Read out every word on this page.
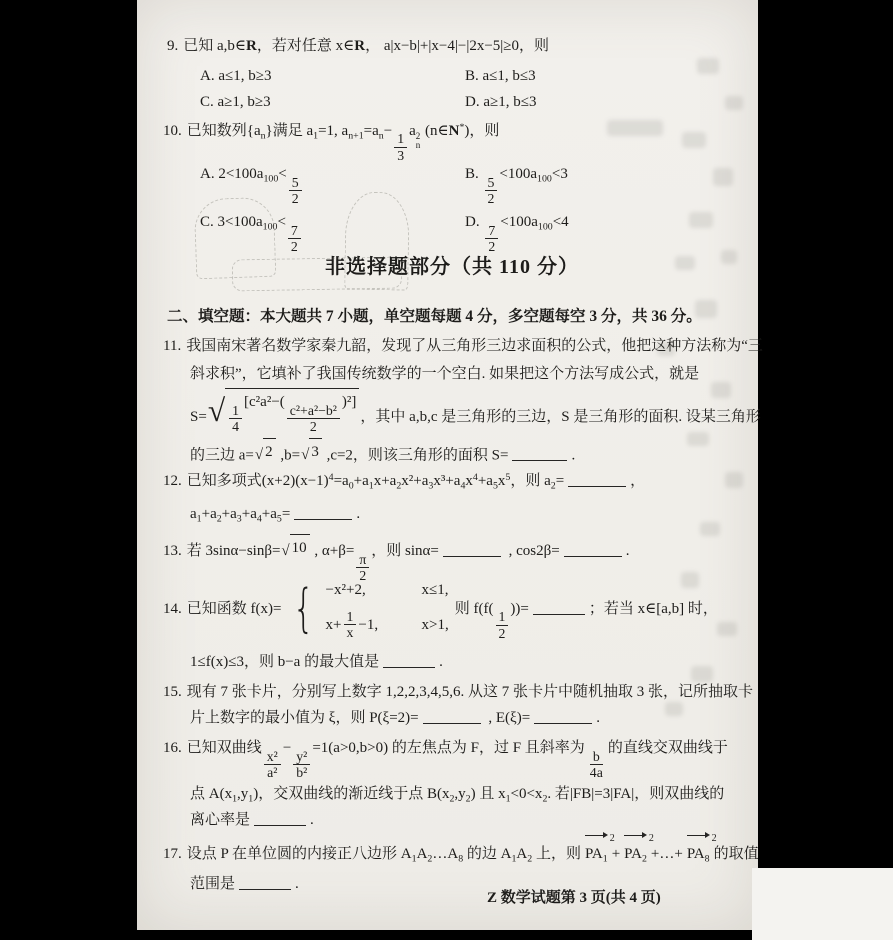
9. 已知 a,b∈R，若对任意 x∈R， a|x−b|+|x−4|−|2x−5|≥0，则
A. a≤1, b≥3	B. a≤1, b≤3
C. a≥1, b≥3	D. a≥1, b≤3
10. 已知数列$\{a_n\}$满足 $a_1=1$, $a_{n+1}=a_n-$
$\frac{1}{3}$
a 2
n
(n∈N*)，则
A. $2<100a_{100}<$
$\frac{5}{2}$
B.
$\frac{5}{2}$
$<100a_{100}<3$
C. $3<100a_{100}<$
$\frac{7}{2}$
D.
$\frac{7}{2}$
$<100a_{100}<4$
非选择题部分（共 110 分）
二、填空题：本大题共 7 小题，单空题每题 4 分，多空题每空 3 分，共 36 分。
11. 我国南宋著名数学家秦九韶，发现了从三角形三边求面积的公式，他把这种方法称为“三
斜求积”，它填补了我国传统数学的一个空白. 如果把这个方法写成公式，就是
S= √ $\frac{1}{4}$
[c²a²−(
$\frac{\text{c²+a²−b²}}{2}$
)²]
，其中 a,b,c 是三角形的三边，S 是三角形的面积. 设某三角形
的三边 a= √ 2 ,b= √ 3 ,c=2，则该三角形的面积 S=	.
12. 已知多项式$(x+2)(x-1)^4=a_0+a_1x+a_2x^2+a_3x^3+a_4x^4+a_5x^5$，则 $a_2=$	，
$a_1+a_2+a_3+a_4+a_5=$	.
13. 若 3sinα−sinβ= √ 10 , α+β=
$\frac{\pi}{2}$
，则 sinα=	, cos2β=	.
14. 已知函数 f(x)= { −x²+2,	x≤1,
$x+ \frac{1}{x} -1$,	x>1,
则 f(f(
$\frac{1}{2}$
))=	；若当 x∈[a,b] 时，
1≤f(x)≤3，则 b−a 的最大值是	.
15. 现有 7 张卡片，分别写上数字 1,2,2,3,4,5,6. 从这 7 张卡片中随机抽取 3 张，记所抽取卡
片上数字的最小值为 ξ，则 P(ξ=2)=	, E(ξ)=	.
16. 已知双曲线
$\frac{\text{x²}}{\text{a²}}$
−
$\frac{\text{y²}}{\text{b²}}$
=1(a>0,b>0) 的左焦点为 F，过 F 且斜率为
$\frac{b}{4a}$
的直线交双曲线于
点 $A(x_1,y_1)$，交双曲线的渐近线于点 $B(x_2,y_2)$ 且 $x_1<0<x_2$. 若|FB|=3|FA|，则双曲线的
离心率是	.
17. 设点 P 在单位圆的内接正八边形 $A_1A_2\dots A_8$ 的边 $A_1A_2$ 上，则 $PA_1$
2
+ $PA_2$
2
+…+ $PA_8$
2
的取值
范围是	.
Z 数学试题第 3 页(共 4 页)
